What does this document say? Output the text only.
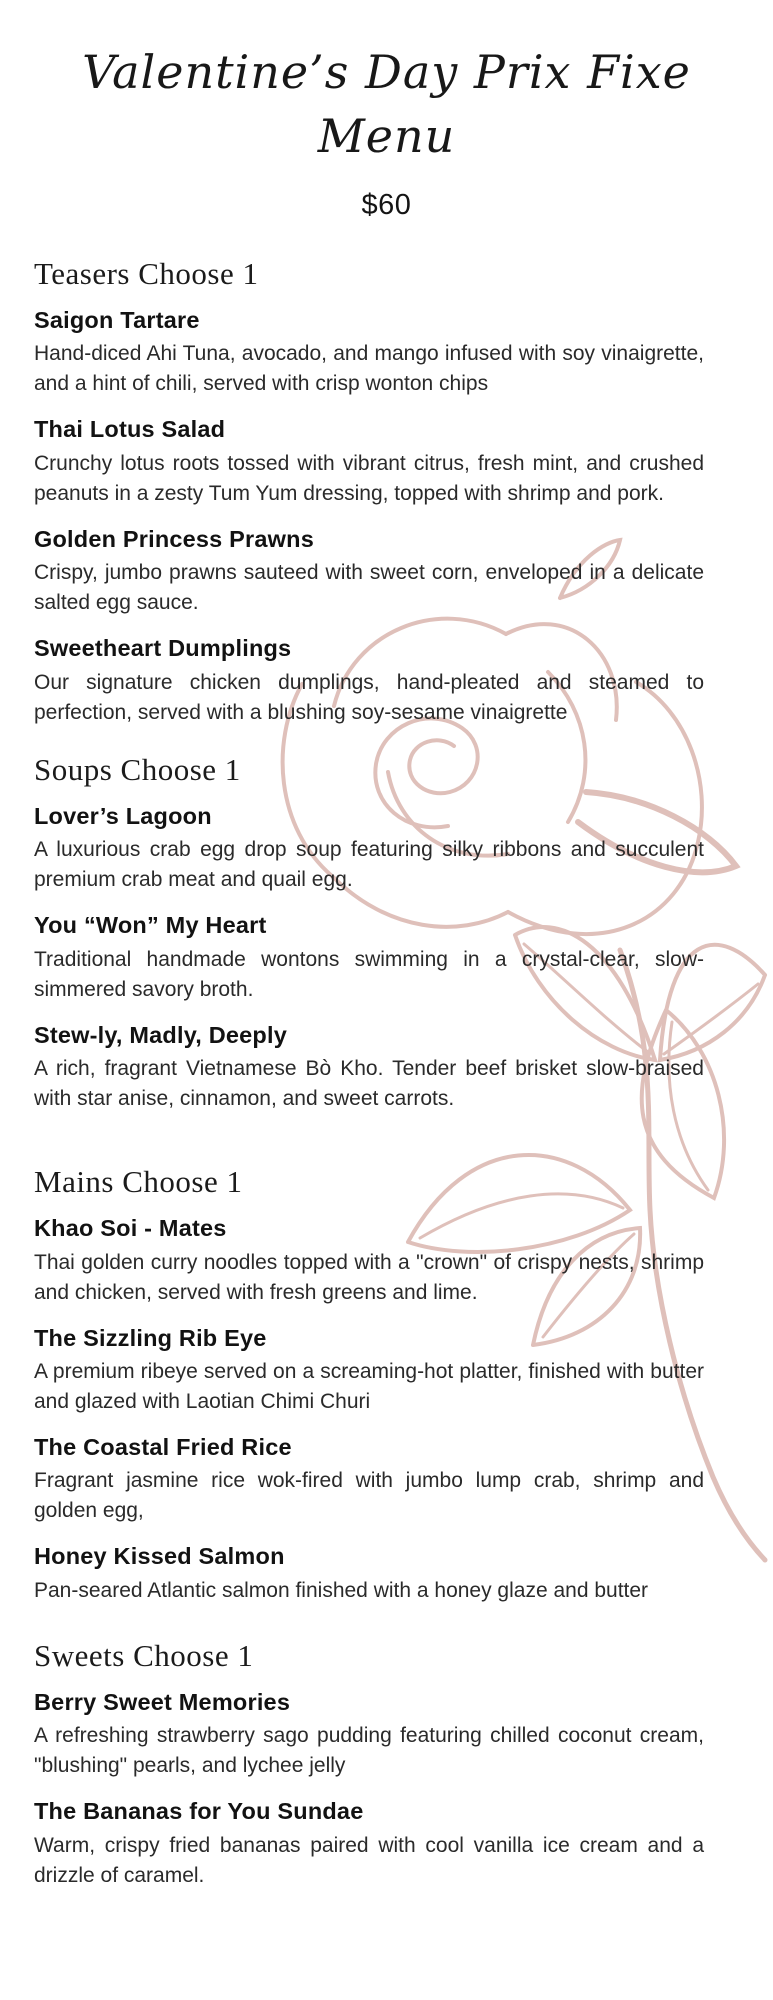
Valentine’s Day Prix Fixe Menu
$60
Teasers Choose 1
Saigon Tartare

Hand-diced Ahi Tuna, avocado, and mango infused with soy vinaigrette, and a hint of chili, served with crisp wonton chips

Thai Lotus Salad

Crunchy lotus roots tossed with vibrant citrus, fresh mint, and crushed peanuts in a zesty Tum Yum dressing, topped with shrimp and pork.

Golden Princess Prawns

Crispy, jumbo prawns sauteed with sweet corn, enveloped in a delicate salted egg sauce.

Sweetheart Dumplings

Our signature chicken dumplings, hand-pleated and steamed to perfection, served with a blushing soy-sesame vinaigrette

Soups Choose 1
Lover’s Lagoon

A luxurious crab egg drop soup featuring silky ribbons and succulent premium crab meat and quail egg.

You “Won” My Heart

Traditional handmade wontons swimming in a crystal-clear, slow-simmered savory broth.

Stew-ly, Madly, Deeply

A rich, fragrant Vietnamese Bò Kho. Tender beef brisket slow-braised with star anise, cinnamon, and sweet carrots.

Mains Choose 1
Khao Soi - Mates

Thai golden curry noodles topped with a "crown" of crispy nests, shrimp and chicken, served with fresh greens and lime.

The Sizzling Rib Eye

A premium ribeye served on a screaming-hot platter, finished with butter and glazed with Laotian Chimi Churi

The Coastal Fried Rice

Fragrant jasmine rice wok-fired with jumbo lump crab, shrimp and golden egg,

Honey Kissed Salmon

Pan-seared Atlantic salmon finished with a honey glaze and butter

Sweets Choose 1
Berry Sweet Memories

A refreshing strawberry sago pudding featuring chilled coconut cream, "blushing" pearls, and lychee jelly

The Bananas for You Sundae

Warm, crispy fried bananas paired with cool vanilla ice cream and a drizzle of caramel.
